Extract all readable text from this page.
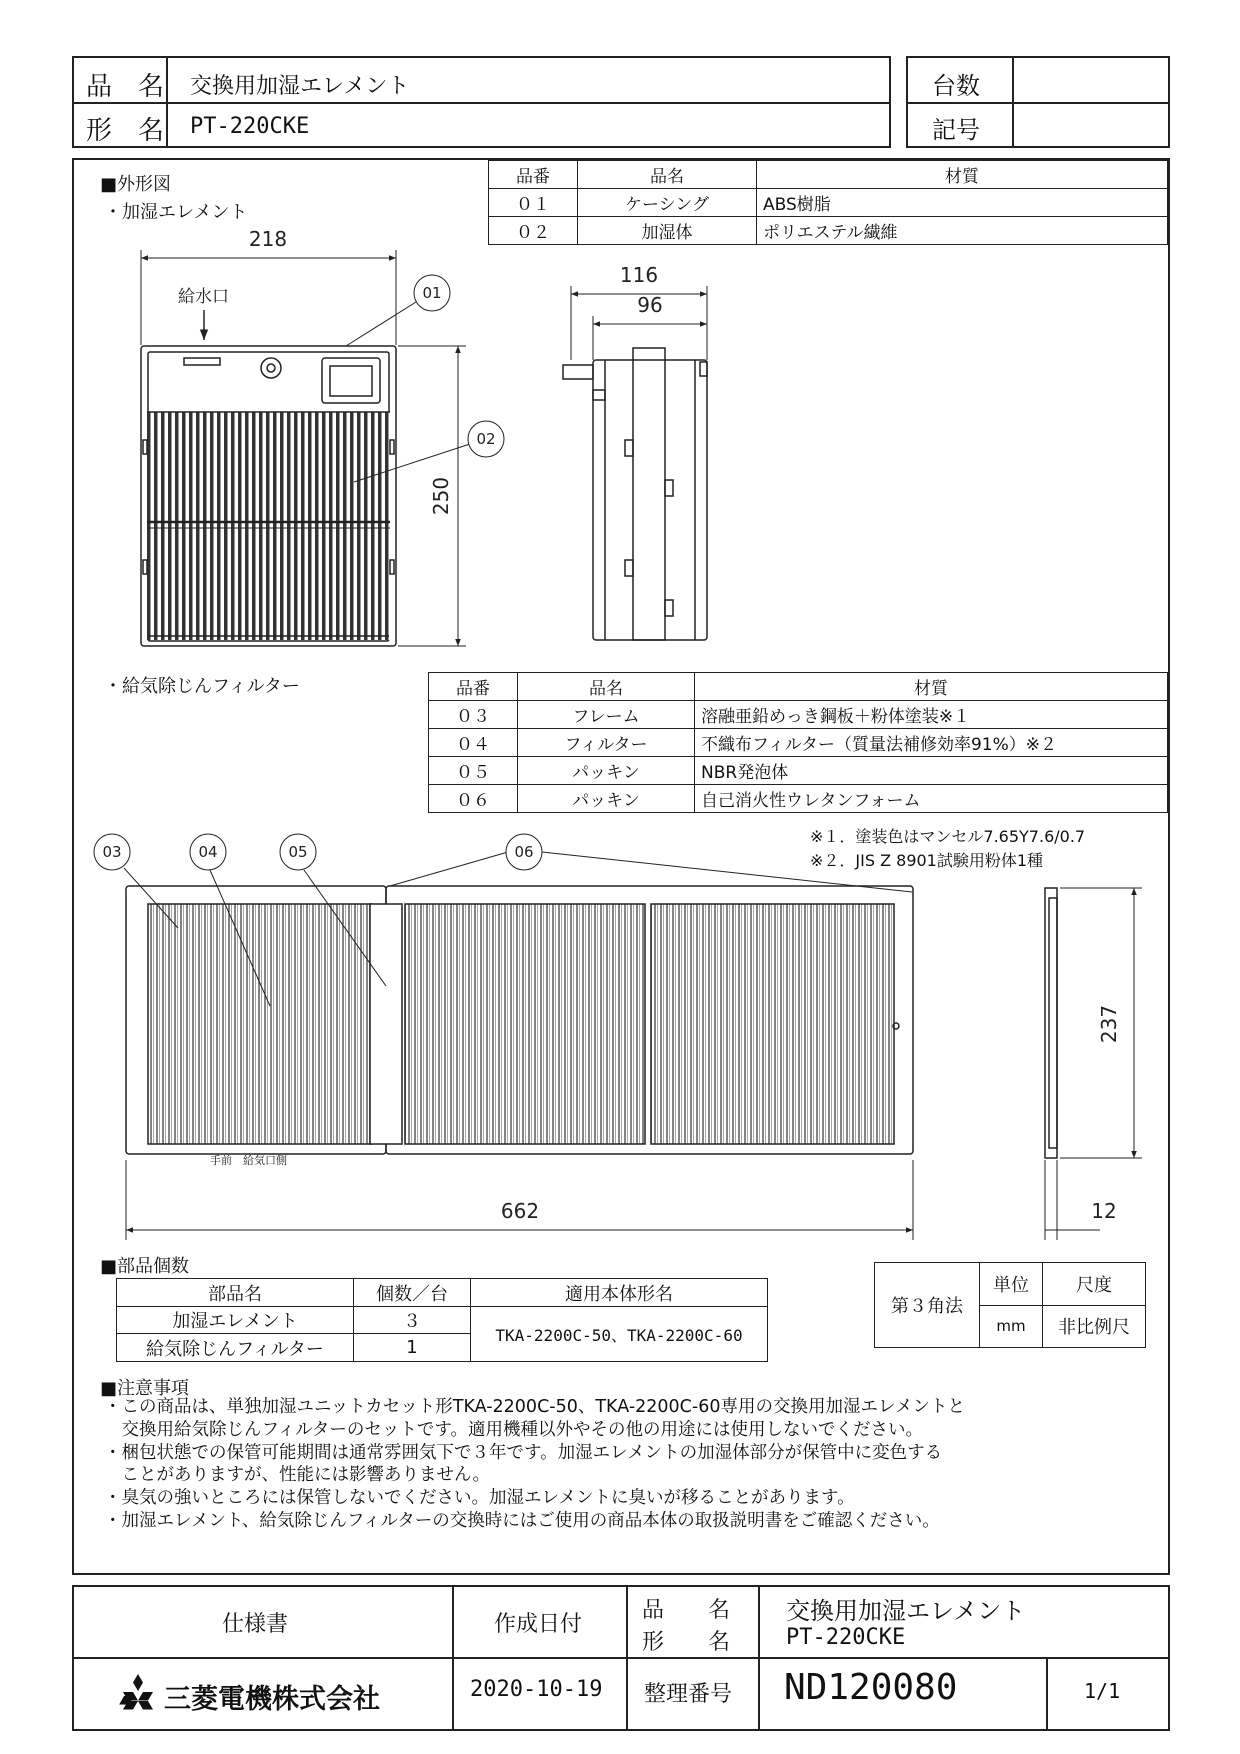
品　名 交換用加湿エレメント
形　名 PT-220CKE
台数
記号
■外形図
・加湿エレメント
・給気除じんフィルター
品番	品名	材質
０１	ケーシング	ABS樹脂
０２	加湿体	ポリエステル繊維
品番	品名	材質
０３	フレーム	溶融亜鉛めっき鋼板＋粉体塗装※１
０４	フィルター	不織布フィルター（質量法補修効率91%）※２
０５	パッキン	NBR発泡体
０６	パッキン	自己消火性ウレタンフォーム
※１．塗装色はマンセル7.65Y7.6/0.7
※２．JIS Z 8901試験用粉体1種
01
02
03	04	05	06
218
116
96
250
662
237
12
給水口
手前　給気口側
■部品個数
部品名	個数／台	適用本体形名
加湿エレメント	３	TKA-2200C-50、TKA-2200C-60
給気除じんフィルター	1	
第３角法	単位	尺度
	mm	非比例尺
■注意事項
・この商品は、単独加湿ユニットカセット形TKA-2200C-50、TKA-2200C-60専用の交換用加湿エレメントと
　交換用給気除じんフィルターのセットです。適用機種以外やその他の用途には使用しないでください。
・梱包状態での保管可能期間は通常雰囲気下で３年です。加湿エレメントの加湿体部分が保管中に変色する
　ことがありますが、性能には影響ありません。
・臭気の強いところには保管しないでください。加湿エレメントに臭いが移ることがあります。
・加湿エレメント、給気除じんフィルターの交換時にはご使用の商品本体の取扱説明書をご確認ください。
仕様書
三菱電機株式会社
作成日付
2020-10-19
品　　名
形　　名
交換用加湿エレメント
PT-220CKE
整理番号 ND120080	1/1
